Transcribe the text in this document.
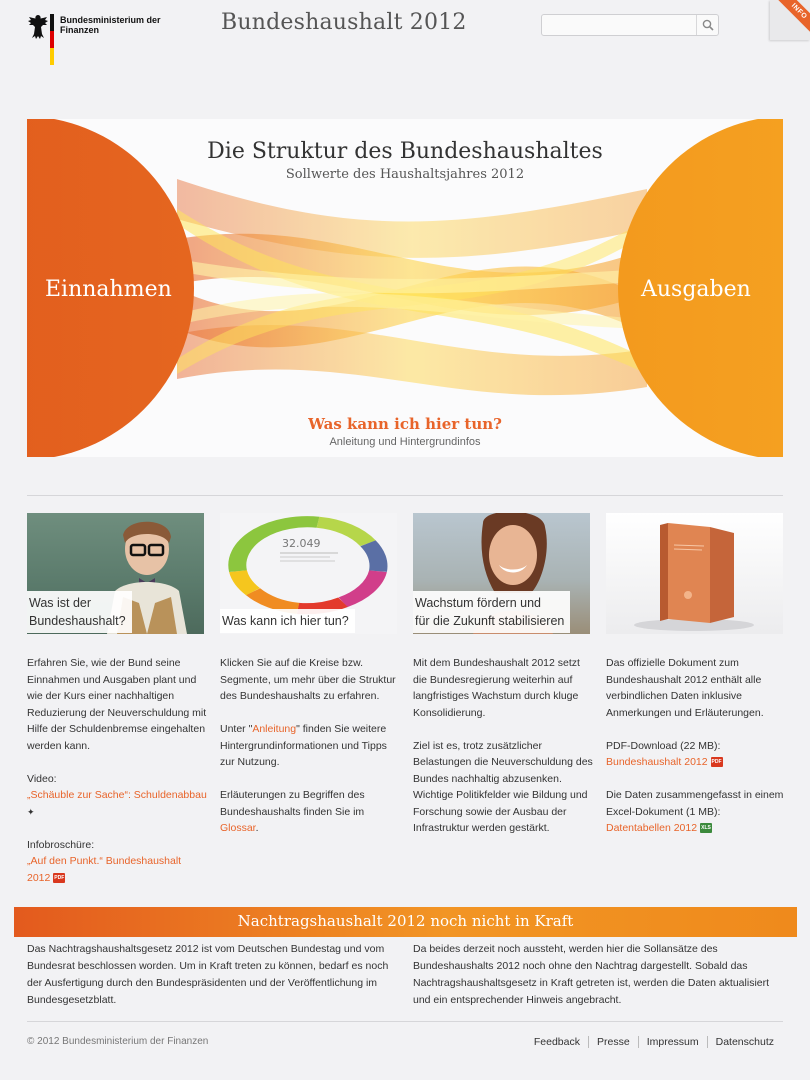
Bundesministerium der Finanzen	Bundeshaushalt 2012	INFO
Die Struktur des Bundeshaushaltes
Sollwerte des Haushaltsjahres 2012
Einnahmen	Ausgaben
Was kann ich hier tun?
Anleitung und Hintergrundinfos
Was ist der
Bundeshaushalt?
32.049
Was kann ich hier tun?
Wachstum fördern und
für die Zukunft stabilisieren

Erfahren Sie, wie der Bund seine Einnahmen und Ausgaben plant und wie der Kurs einer nachhaltigen Reduzierung der Neuverschuldung mit Hilfe der Schuldenbremse eingehalten werden kann.

Video:

„Schäuble zur Sache“: Schuldenabbau ✦

Infobroschüre:
„Auf den Punkt.“ Bundeshaushalt 2012 PDF

Klicken Sie auf die Kreise bzw. Segmente, um mehr über die Struktur des Bundeshaushalts zu erfahren.

Unter "Anleitung" finden Sie weitere Hintergrundinformationen und Tipps zur Nutzung.

Erläuterungen zu Begriffen des Bundeshaushalts finden Sie im Glossar.

Mit dem Bundeshaushalt 2012 setzt die Bundesregierung weiterhin auf langfristiges Wachstum durch kluge Konsolidierung.

Ziel ist es, trotz zusätzlicher Belastungen die Neuverschuldung des Bundes nachhaltig abzusenken. Wichtige Politikfelder wie Bildung und Forschung sowie der Ausbau der Infrastruktur werden gestärkt.

Das offizielle Dokument zum Bundeshaushalt 2012 enthält alle verbindlichen Daten inklusive Anmerkungen und Erläuterungen.

PDF-Download (22 MB):

Bundeshaushalt 2012 PDF

Die Daten zusammengefasst in einem Excel-Dokument (1 MB):
Datentabellen 2012 XLS
Nachtragshaushalt 2012 noch nicht in Kraft
Das Nachtragshaushaltsgesetz 2012 ist vom Deutschen Bundestag und vom Bundesrat beschlossen worden. Um in Kraft treten zu können, bedarf es noch der Ausfertigung durch den Bundespräsidenten und der Veröffentlichung im Bundesgesetzblatt.
Da beides derzeit noch aussteht, werden hier die Sollansätze des Bundeshaushalts 2012 noch ohne den Nachtrag dargestellt. Sobald das Nachtragshaushaltsgesetz in Kraft getreten ist, werden die Daten aktualisiert und ein entsprechender Hinweis angebracht.
© 2012 Bundesministerium der Finanzen	Feedback	Presse	Impressum	Datenschutz
